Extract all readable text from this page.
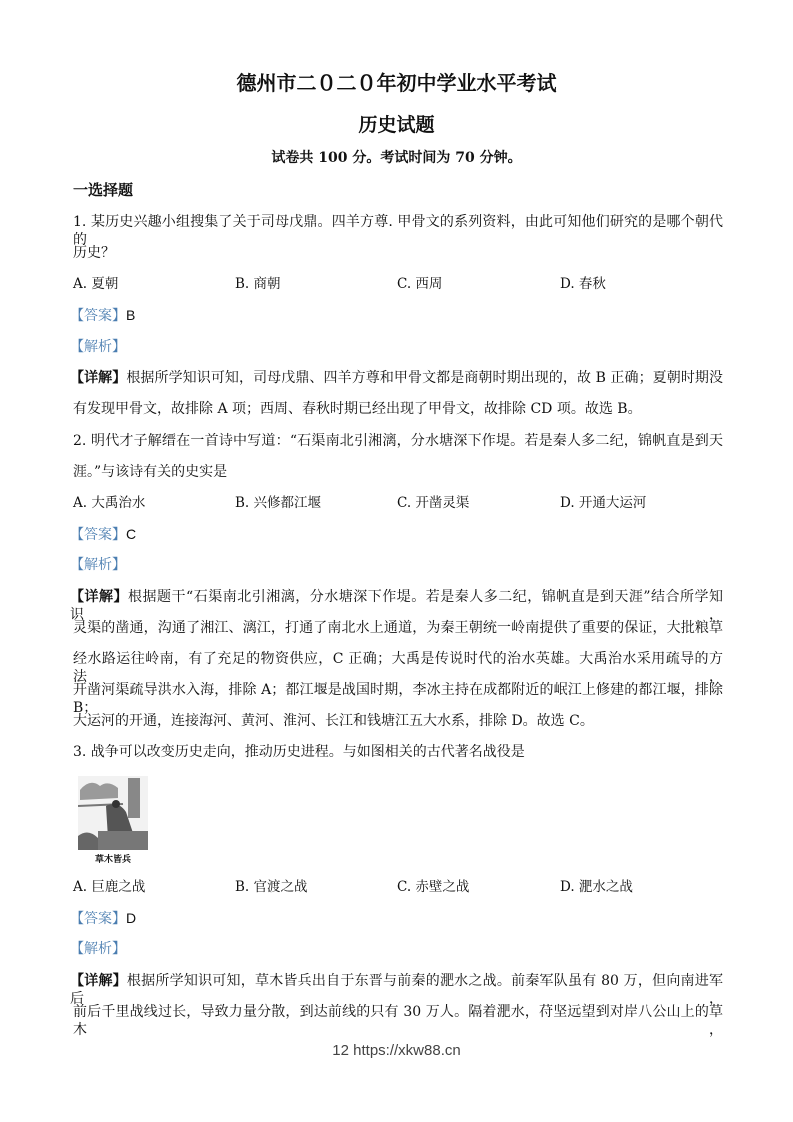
德州市二０二０年初中学业水平考试
历史试题
试卷共 100 分。考试时间为 70 分钟。
一选择题
1. 某历史兴趣小组搜集了关于司母戊鼎。四羊方尊. 甲骨文的系列资料，由此可知他们研究的是哪个朝代的
历史？
A. 夏朝	B. 商朝	C. 西周	D. 春秋
【答案】B
【解析】
【详解】根据所学知识可知，司母戊鼎、四羊方尊和甲骨文都是商朝时期出现的，故 B 正确；夏朝时期没
有发现甲骨文，故排除 A 项；西周、春秋时期已经出现了甲骨文，故排除 CD 项。故选 B。
2. 明代才子解缙在一首诗中写道：“石渠南北引湘漓，分水塘深下作堤。若是秦人多二纪，锦帆直是到天
涯。”与该诗有关的史实是
A. 大禹治水	B. 兴修都江堰	C. 开凿灵渠	D. 开通大运河
【答案】C
【解析】
【详解】根据题干“石渠南北引湘漓，分水塘深下作堤。若是秦人多二纪，锦帆直是到天涯”结合所学知识，
灵渠的凿通，沟通了湘江、漓江，打通了南北水上通道，为秦王朝统一岭南提供了重要的保证，大批粮草
经水路运往岭南，有了充足的物资供应，C 正确；大禹是传说时代的治水英雄。大禹治水采用疏导的方法，
开凿河渠疏导洪水入海，排除 A；都江堰是战国时期，李冰主持在成都附近的岷江上修建的都江堰，排除 B；
大运河的开通，连接海河、黄河、淮河、长江和钱塘江五大水系，排除 D。故选 C。
3. 战争可以改变历史走向，推动历史进程。与如图相关的古代著名战役是
草木皆兵
A. 巨鹿之战	B. 官渡之战	C. 赤壁之战	D. 淝水之战
【答案】D
【解析】
【详解】根据所学知识可知，草木皆兵出自于东晋与前秦的淝水之战。前秦军队虽有 80 万，但向南进军后，
前后千里战线过长，导致力量分散，到达前线的只有 30 万人。隔着淝水，苻坚远望到对岸八公山上的草木，
12 https://xkw88.cn
